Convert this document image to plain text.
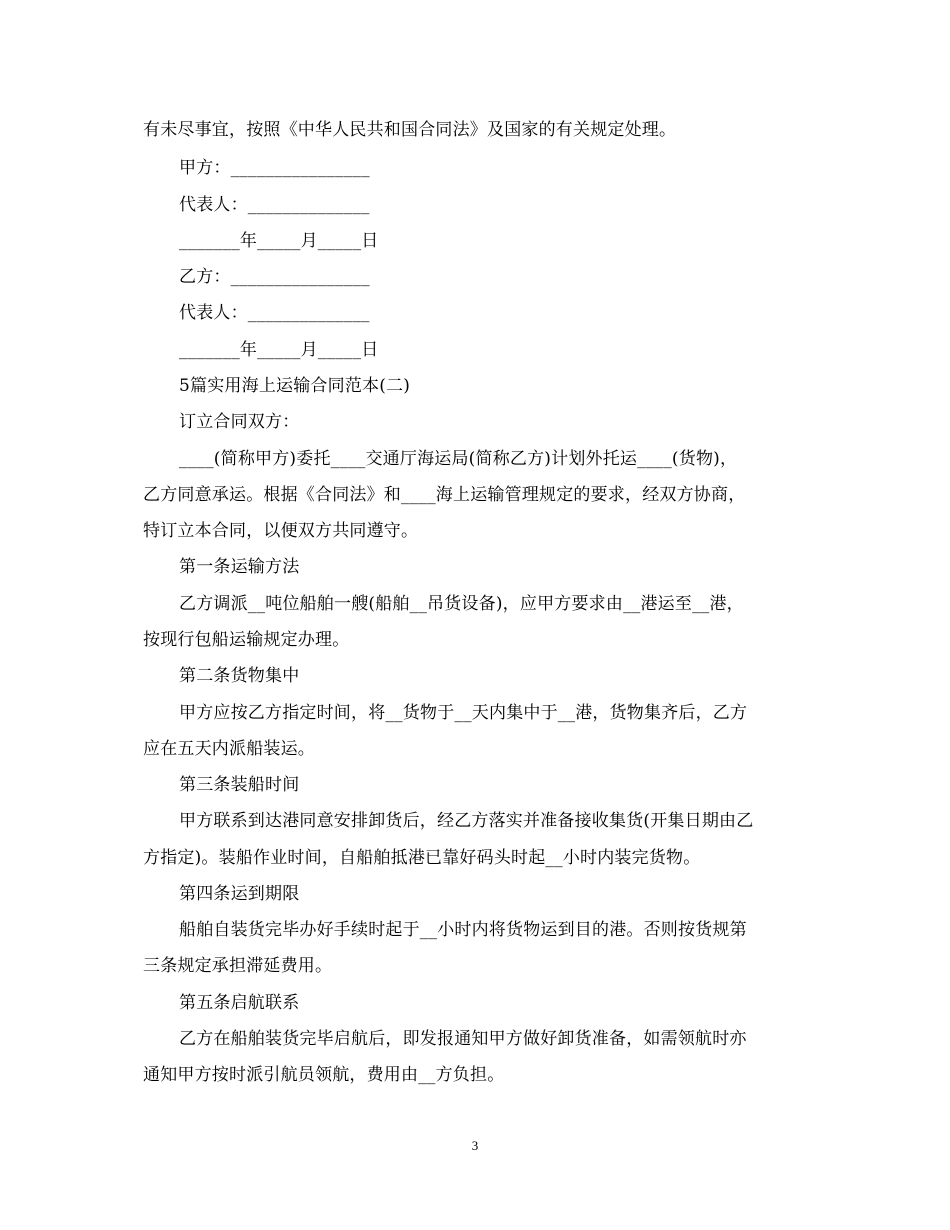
有未尽事宜，按照《中华人民共和国合同法》及国家的有关规定处理。
甲方：________________
代表人：______________
_______年_____月_____日
乙方：________________
代表人：______________
_______年_____月_____日
5篇实用海上运输合同范本(二)
订立合同双方：
____(简称甲方)委托____交通厅海运局(简称乙方)计划外托运____(货物)，
乙方同意承运。根据《合同法》和____海上运输管理规定的要求，经双方协商，
特订立本合同，以便双方共同遵守。
第一条运输方法
乙方调派__吨位船舶一艘(船舶__吊货设备)，应甲方要求由__港运至__港，
按现行包船运输规定办理。
第二条货物集中
甲方应按乙方指定时间，将__货物于__天内集中于__港，货物集齐后，乙方
应在五天内派船装运。
第三条装船时间
甲方联系到达港同意安排卸货后，经乙方落实并准备接收集货(开集日期由乙
方指定)。装船作业时间，自船舶抵港已靠好码头时起__小时内装完货物。
第四条运到期限
船舶自装货完毕办好手续时起于__小时内将货物运到目的港。否则按货规第
三条规定承担滞延费用。
第五条启航联系
乙方在船舶装货完毕启航后，即发报通知甲方做好卸货准备，如需领航时亦
通知甲方按时派引航员领航，费用由__方负担。
3
